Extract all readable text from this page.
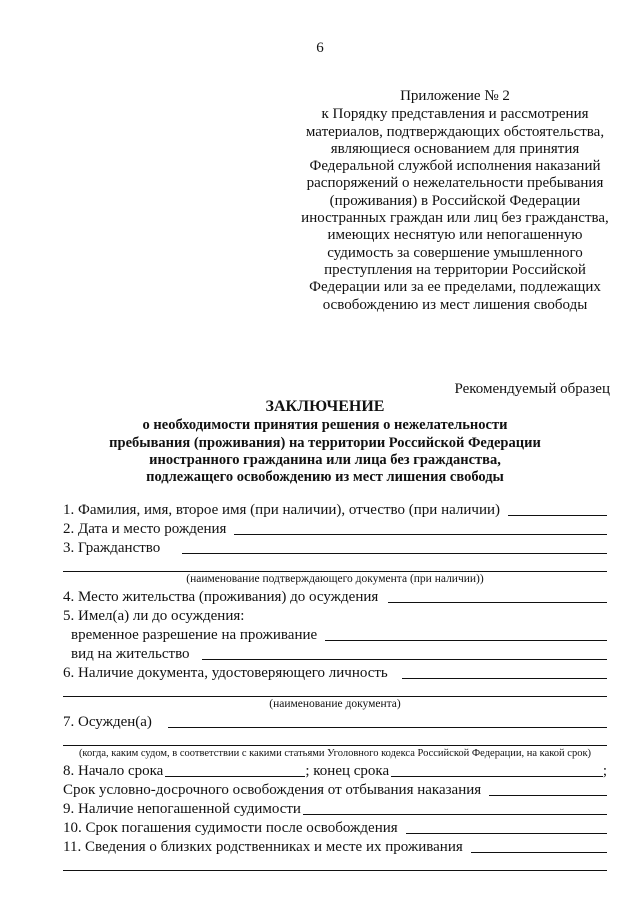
6
Приложение № 2
к Порядку представления и рассмотрения
материалов, подтверждающих обстоятельства,
являющиеся основанием для принятия
Федеральной службой исполнения наказаний
распоряжений о нежелательности пребывания
(проживания) в Российской Федерации
иностранных граждан или лиц без гражданства,
имеющих неснятую или непогашенную
судимость за совершение умышленного
преступления на территории Российской
Федерации или за ее пределами, подлежащих
освобождению из мест лишения свободы
Рекомендуемый образец
ЗАКЛЮЧЕНИЕ
о необходимости принятия решения о нежелательности
пребывания (проживания) на территории Российской Федерации
иностранного гражданина или лица без гражданства,
подлежащего освобождению из мест лишения свободы
1. Фамилия, имя, второе имя (при наличии), отчество (при наличии)
2. Дата и место рождения
3. Гражданство
(наименование подтверждающего документа (при наличии))
4. Место жительства (проживания) до осуждения
5. Имел(а) ли до осуждения:
временное разрешение на проживание
вид на жительство
6. Наличие документа, удостоверяющего личность
(наименование документа)
7. Осужден(а)
(когда, каким судом, в соответствии с какими статьями Уголовного кодекса Российской Федерации, на какой срок)
8. Начало срока	; конец срока	;
Срок условно-досрочного освобождения от отбывания наказания
9. Наличие непогашенной судимости
10. Срок погашения судимости после освобождения
11. Сведения о близких родственниках и месте их проживания
